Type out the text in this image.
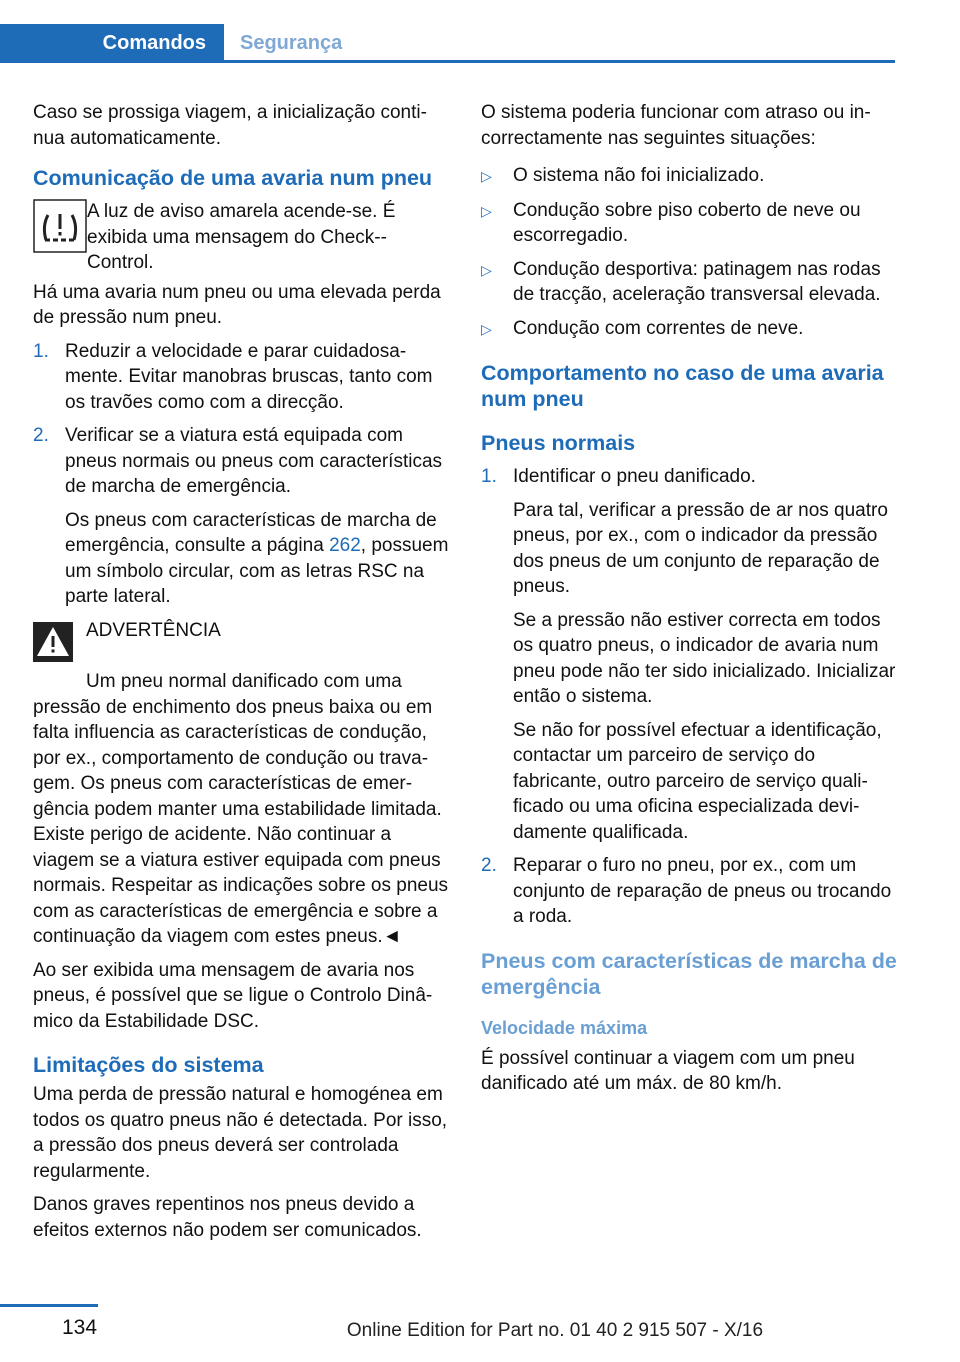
Comandos Segurança

Caso se prossiga viagem, a inicialização continua automaticamente.

Comunicação de uma avaria num pneu
A luz de aviso amarela acende-se. É exibida uma mensagem do Check--Control.

Há uma avaria num pneu ou uma elevada perda de pressão num pneu.

1. Reduzir a velocidade e parar cuidadosamente. Evitar manobras bruscas, tanto com os travões como com a direcção.

2. Verificar se a viatura está equipada com pneus normais ou pneus com características de marcha de emergência.

Os pneus com características de marcha de emergência, consulte a página 262, possuem um símbolo circular, com as letras RSC na parte lateral.

ADVERTÊNCIA

Um pneu normal danificado com uma pressão de enchimento dos pneus baixa ou em falta influencia as características de condução, por ex., comportamento de condução ou travagem. Os pneus com características de emergência podem manter uma estabilidade limitada. Existe perigo de acidente. Não continuar a viagem se a viatura estiver equipada com pneus normais. Respeitar as indicações sobre os pneus com as características de emergência e sobre a continuação da viagem com estes pneus.◄

Ao ser exibida uma mensagem de avaria nos pneus, é possível que se ligue o Controlo Dinâmico da Estabilidade DSC.

Limitações do sistema

Uma perda de pressão natural e homogénea em todos os quatro pneus não é detectada. Por isso, a pressão dos pneus deverá ser controlada regularmente.

Danos graves repentinos nos pneus devido a efeitos externos não podem ser comunicados.

O sistema poderia funcionar com atraso ou incorrectamente nas seguintes situações:

▷	O sistema não foi inicializado.
▷	Condução sobre piso coberto de neve ou escorregadio.
▷	Condução desportiva: patinagem nas rodas de tracção, aceleração transversal elevada.
▷	Condução com correntes de neve.
Comportamento no caso de uma avaria num pneu
Pneus normais
1. Identificar o pneu danificado.

Para tal, verificar a pressão de ar nos quatro pneus, por ex., com o indicador da pressão dos pneus de um conjunto de reparação de pneus.

Se a pressão não estiver correcta em todos os quatro pneus, o indicador de avaria num pneu pode não ter sido inicializado. Inicializar então o sistema.

Se não for possível efectuar a identificação, contactar um parceiro de serviço do fabricante, outro parceiro de serviço qualificado ou uma oficina especializada devidamente qualificada.

2. Reparar o furo no pneu, por ex., com um conjunto de reparação de pneus ou trocando a roda.

Pneus com características de marcha de emergência
Velocidade máxima

É possível continuar a viagem com um pneu danificado até um máx. de 80 km/h.

134	Online Edition for Part no. 01 40 2 915 507 - X/16
